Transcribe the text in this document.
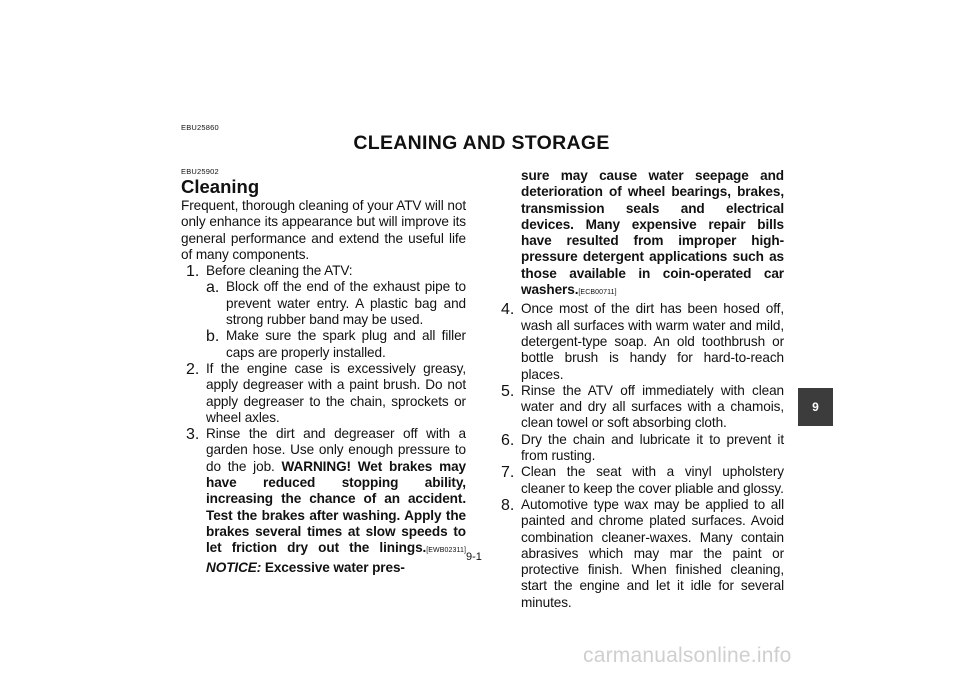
EBU25860
CLEANING AND STORAGE
EBU25902
Cleaning

Frequent, thorough cleaning of your ATV will not only enhance its appearance but will improve its general performance and extend the useful life of many components.

1. Before cleaning the ATV:

a. Block off the end of the exhaust pipe to prevent water entry. A plastic bag and strong rubber band may be used.

b. Make sure the spark plug and all filler caps are properly installed.

2. If the engine case is excessively greasy, apply degreaser with a paint brush. Do not apply degreaser to the chain, sprockets or wheel axles.

3. Rinse the dirt and degreaser off with a garden hose. Use only enough pressure to do the job. WARNING! Wet brakes may have reduced stopping ability, increasing the chance of an accident. Test the brakes after washing. Apply the brakes several times at slow speeds to let friction dry out the linings.[EWB02311] NOTICE: Excessive water pres-

sure may cause water seepage and deterioration of wheel bearings, brakes, transmission seals and electrical devices. Many expensive repair bills have resulted from improper high-pressure detergent applications such as those available in coin-operated car washers.[ECB00711]

4. Once most of the dirt has been hosed off, wash all surfaces with warm water and mild, detergent-type soap. An old toothbrush or bottle brush is handy for hard-to-reach places.

5. Rinse the ATV off immediately with clean water and dry all surfaces with a chamois, clean towel or soft absorbing cloth.

6. Dry the chain and lubricate it to prevent it from rusting.

7. Clean the seat with a vinyl upholstery cleaner to keep the cover pliable and glossy.

8. Automotive type wax may be applied to all painted and chrome plated surfaces. Avoid combination cleaner-waxes. Many contain abrasives which may mar the paint or protective finish. When finished cleaning, start the engine and let it idle for several minutes.

9
9-1
carmanualsonline.info
